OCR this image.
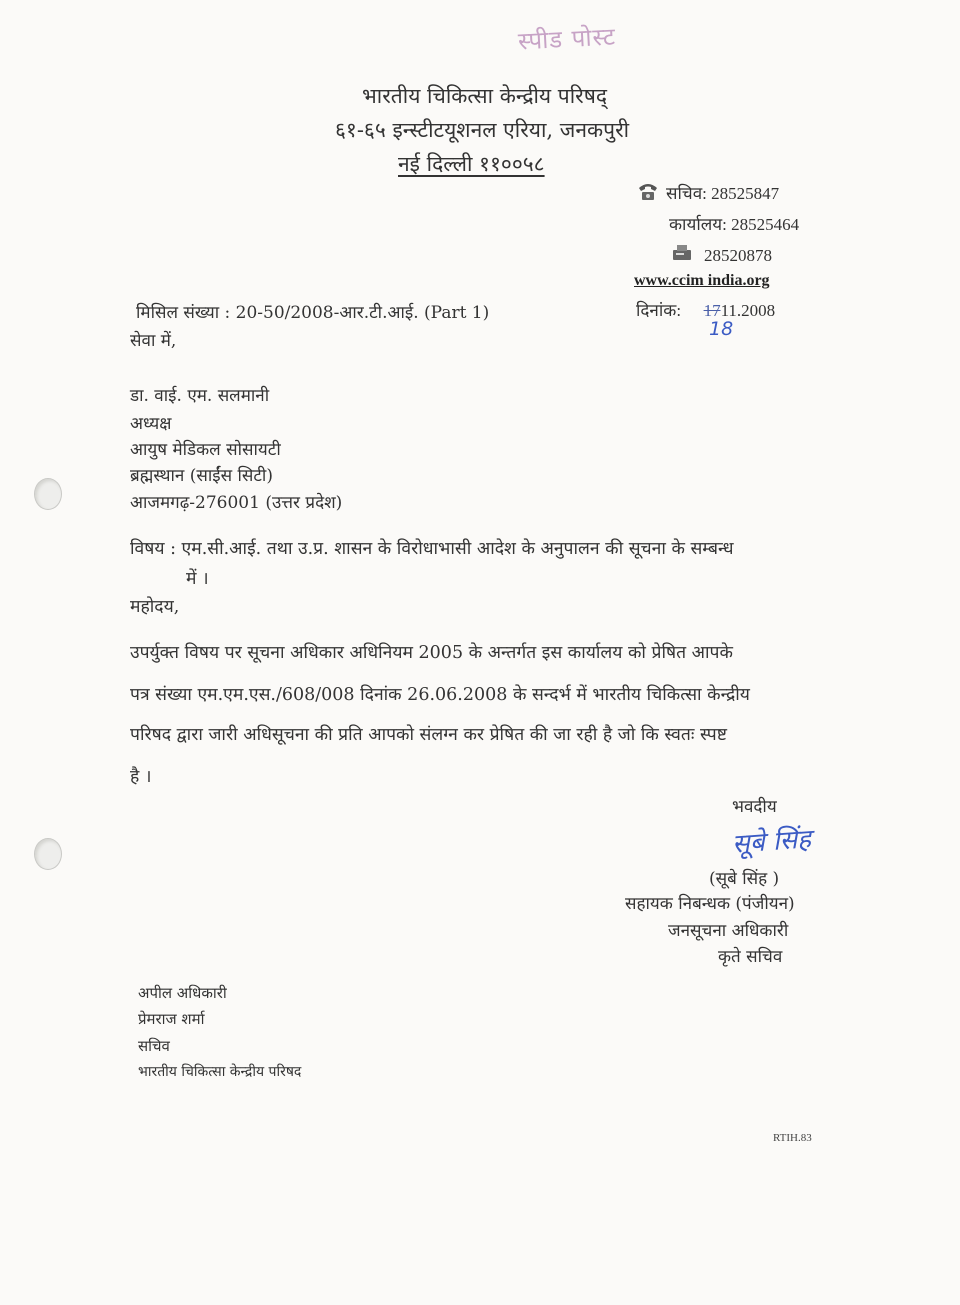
स्पीड पोस्ट
भारतीय चिकित्सा केन्द्रीय परिषद्
६१-६५ इन्स्टीटयूशनल एरिया, जनकपुरी
नई दिल्ली ११००५८
सचिव: 28525847
कार्यालय: 28525464
28520878
www.ccim india.org
दिनांक: 1711.2008
18
मिसिल संख्या : 20-50/2008-आर.टी.आई. (Part 1)
सेवा में,
डा. वाई. एम. सलमानी
अध्यक्ष
आयुष मेडिकल सोसायटी
ब्रह्मस्थान (साईंस सिटी)
आजमगढ़-276001 (उत्तर प्रदेश)
विषय : एम.सी.आई. तथा उ.प्र. शासन के विरोधाभासी आदेश के अनुपालन की सूचना के सम्बन्ध
में ।
महोदय,
उपर्युक्त विषय पर सूचना अधिकार अधिनियम 2005 के अन्तर्गत इस कार्यालय को प्रेषित आपके
पत्र संख्या एम.एम.एस./608/008 दिनांक 26.06.2008 के सन्दर्भ में भारतीय चिकित्सा केन्द्रीय
परिषद द्वारा जारी अधिसूचना की प्रति आपको संलग्न कर प्रेषित की जा रही है जो कि स्वतः स्पष्ट
है ।
भवदीय
सूबे सिंह
(सूबे सिंह )
सहायक निबन्धक (पंजीयन)
जनसूचना अधिकारी
कृते सचिव
अपील अधिकारी
प्रेमराज शर्मा
सचिव
भारतीय चिकित्सा केन्द्रीय परिषद
RTIH.83
